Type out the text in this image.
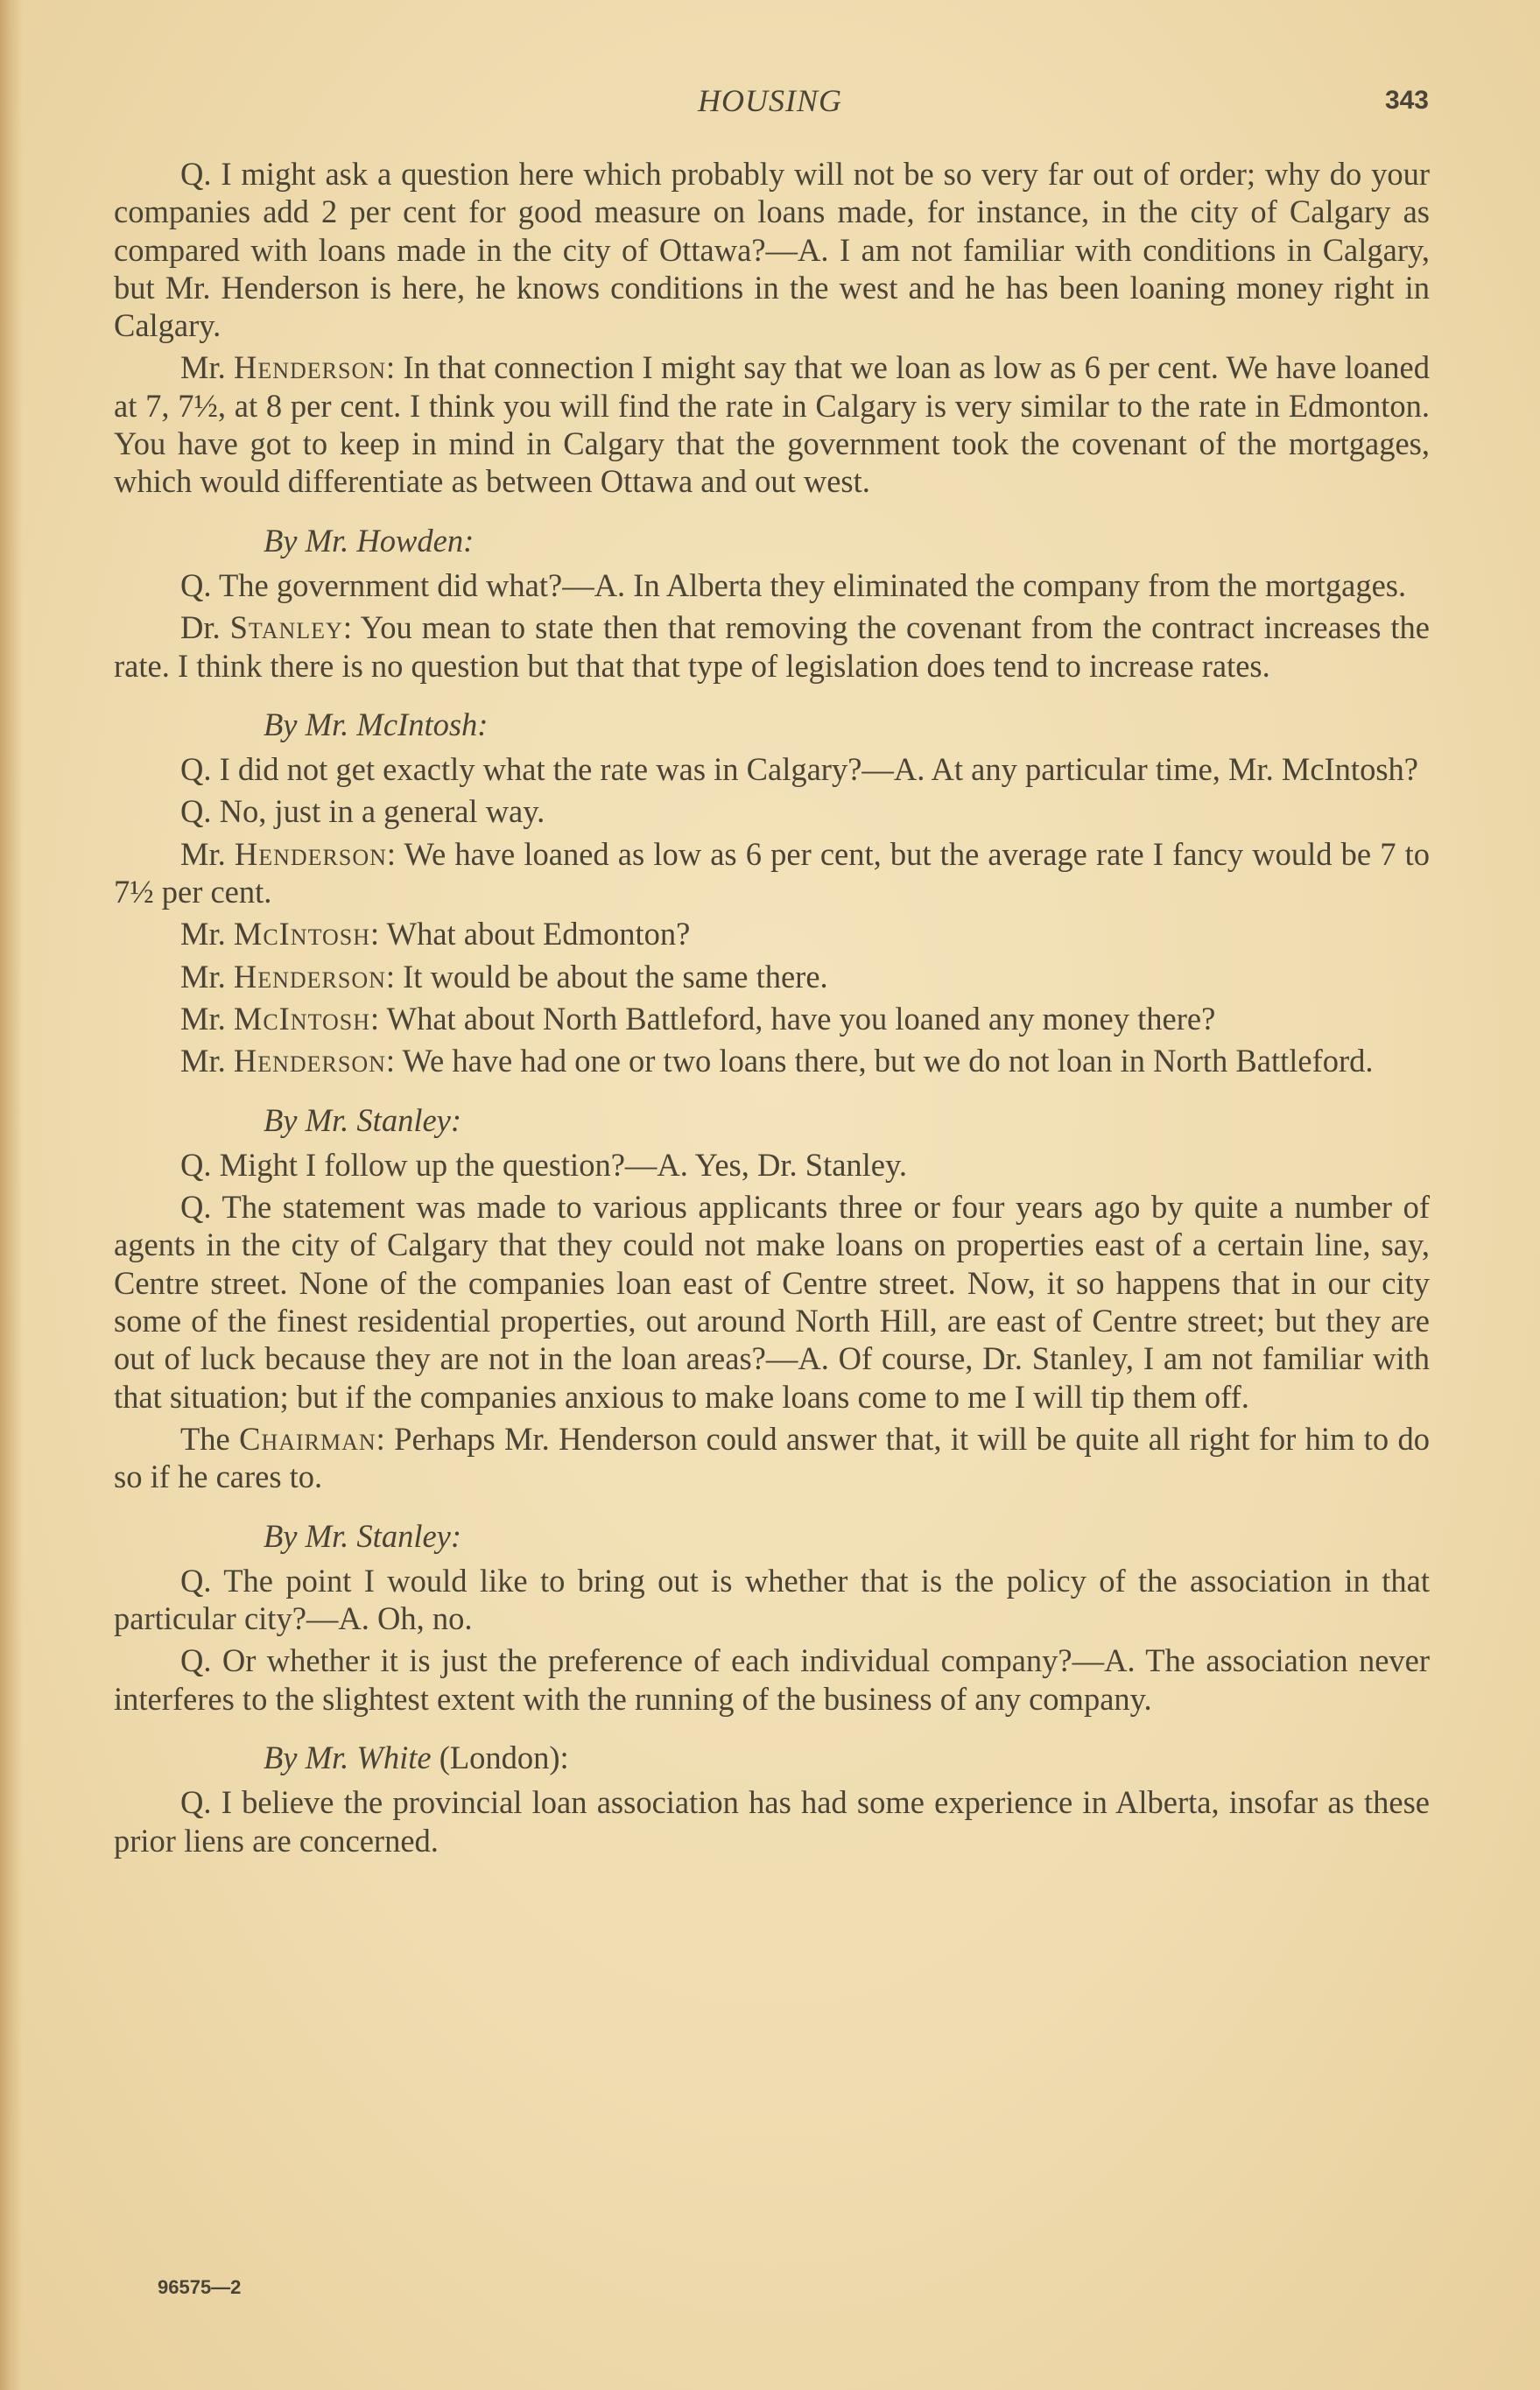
HOUSING	343

Q. I might ask a question here which probably will not be so very far out of order; why do your companies add 2 per cent for good measure on loans made, for instance, in the city of Calgary as compared with loans made in the city of Ottawa?—A. I am not familiar with conditions in Calgary, but Mr. Henderson is here, he knows conditions in the west and he has been loaning money right in Calgary.

Mr. Henderson: In that connection I might say that we loan as low as 6 per cent. We have loaned at 7, 7½, at 8 per cent. I think you will find the rate in Calgary is very similar to the rate in Edmonton. You have got to keep in mind in Calgary that the government took the covenant of the mortgages, which would differentiate as between Ottawa and out west.

By Mr. Howden:

Q. The government did what?—A. In Alberta they eliminated the company from the mortgages.

Dr. Stanley: You mean to state then that removing the covenant from the contract increases the rate. I think there is no question but that that type of legislation does tend to increase rates.

By Mr. McIntosh:

Q. I did not get exactly what the rate was in Calgary?—A. At any particular time, Mr. McIntosh?

Q. No, just in a general way.

Mr. Henderson: We have loaned as low as 6 per cent, but the average rate I fancy would be 7 to 7½ per cent.

Mr. McIntosh: What about Edmonton?

Mr. Henderson: It would be about the same there.

Mr. McIntosh: What about North Battleford, have you loaned any money there?

Mr. Henderson: We have had one or two loans there, but we do not loan in North Battleford.

By Mr. Stanley:

Q. Might I follow up the question?—A. Yes, Dr. Stanley.

Q. The statement was made to various applicants three or four years ago by quite a number of agents in the city of Calgary that they could not make loans on properties east of a certain line, say, Centre street. None of the companies loan east of Centre street. Now, it so happens that in our city some of the finest residential properties, out around North Hill, are east of Centre street; but they are out of luck because they are not in the loan areas?—A. Of course, Dr. Stanley, I am not familiar with that situation; but if the companies anxious to make loans come to me I will tip them off.

The Chairman: Perhaps Mr. Henderson could answer that, it will be quite all right for him to do so if he cares to.

By Mr. Stanley:

Q. The point I would like to bring out is whether that is the policy of the association in that particular city?—A. Oh, no.

Q. Or whether it is just the preference of each individual company?—A. The association never interferes to the slightest extent with the running of the business of any company.

By Mr. White (London):

Q. I believe the provincial loan association has had some experience in Alberta, insofar as these prior liens are concerned.

96575—2
